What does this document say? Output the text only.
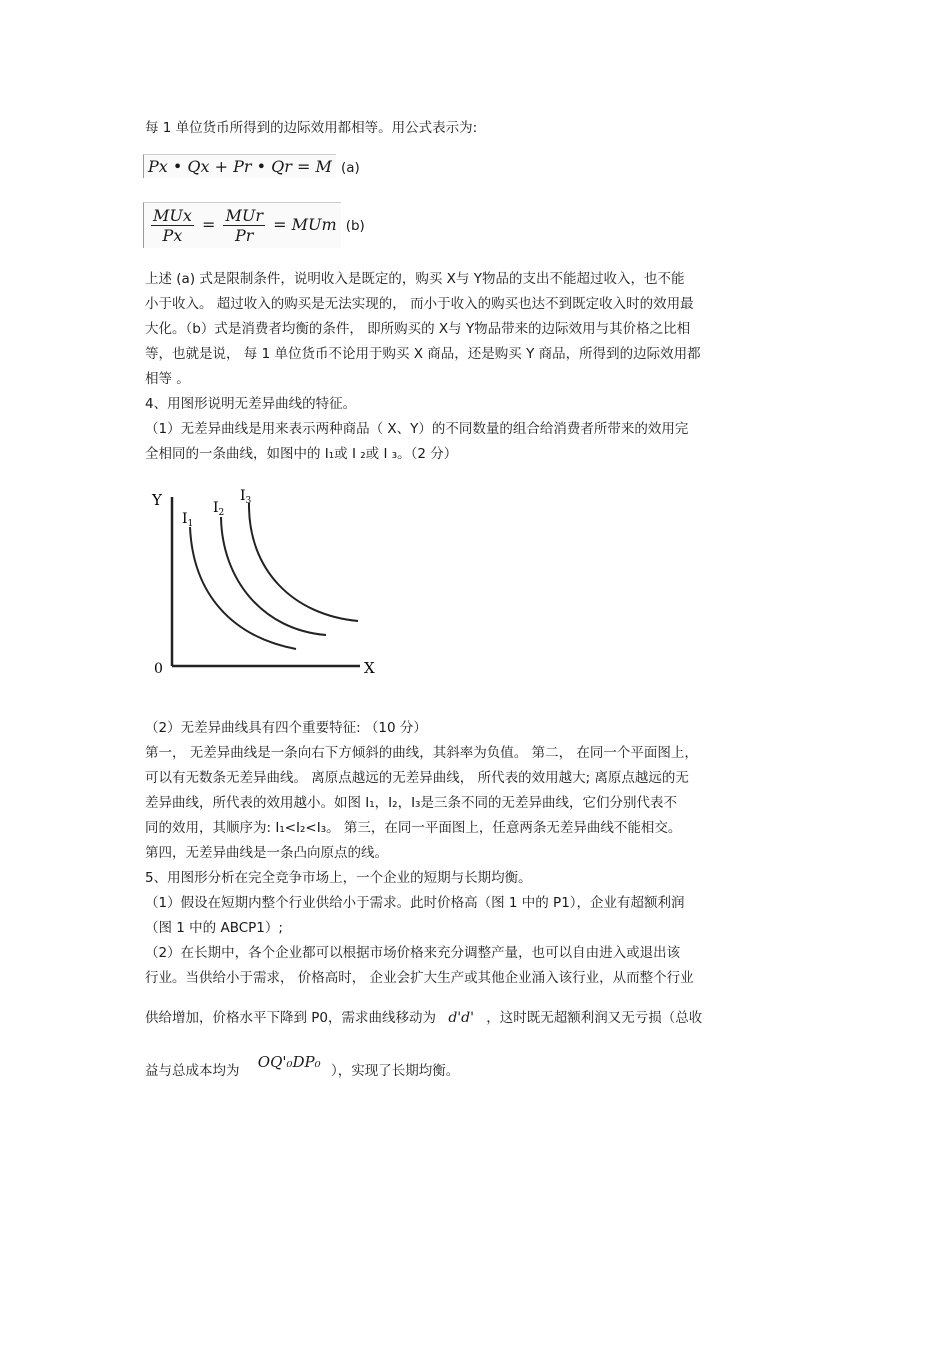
每 1 单位货币所得到的边际效用都相等。用公式表示为:
Px • Qx + Pr • Qr = M (a)
$\frac{\text{MUx}}{Px} = \frac{\text{MUr}}{Pr}$ = MUm (b)
上述 (a) 式是限制条件，说明收入是既定的，购买 X与 Y物品的支出不能超过收入，也不能
小于收入。 超过收入的购买是无法实现的， 而小于收入的购买也达不到既定收入时的效用最
大化。（b）式是消费者均衡的条件， 即所购买的 X与 Y物品带来的边际效用与其价格之比相
等，也就是说， 每 1 单位货币不论用于购买 X 商品，还是购买 Y 商品，所得到的边际效用都
相等 。
4、用图形说明无差异曲线的特征。
（1）无差异曲线是用来表示两种商品（ X、Y）的不同数量的组合给消费者所带来的效用完
全相同的一条曲线，如图中的 I₁或 I ₂或 I ₃。（2 分）
Y
X
0
$I_1$
$I_2$
$I_3$
（2）无差异曲线具有四个重要特征: （10 分）
第一， 无差异曲线是一条向右下方倾斜的曲线，其斜率为负值。 第二， 在同一个平面图上，
可以有无数条无差异曲线。 离原点越远的无差异曲线， 所代表的效用越大; 离原点越远的无
差异曲线，所代表的效用越小。如图 I₁，I₂，I₃是三条不同的无差异曲线，它们分别代表不
同的效用，其顺序为: I₁<I₂<I₃。 第三，在同一平面图上，任意两条无差异曲线不能相交。
第四，无差异曲线是一条凸向原点的线。
5、用图形分析在完全竞争市场上，一个企业的短期与长期均衡。
（1）假设在短期内整个行业供给小于需求。此时价格高（图 1 中的 P1），企业有超额利润
（图 1 中的 ABCP1）;
（2）在长期中，各个企业都可以根据市场价格来充分调整产量，也可以自由进入或退出该
行业。当供给小于需求， 价格高时， 企业会扩大生产或其他企业涌入该行业，从而整个行业
供给增加，价格水平下降到 P0，需求曲线移动为 d'd' ，这时既无超额利润又无亏损（总收
益与总成本均为 OQ'₀DP₀ ），实现了长期均衡。
